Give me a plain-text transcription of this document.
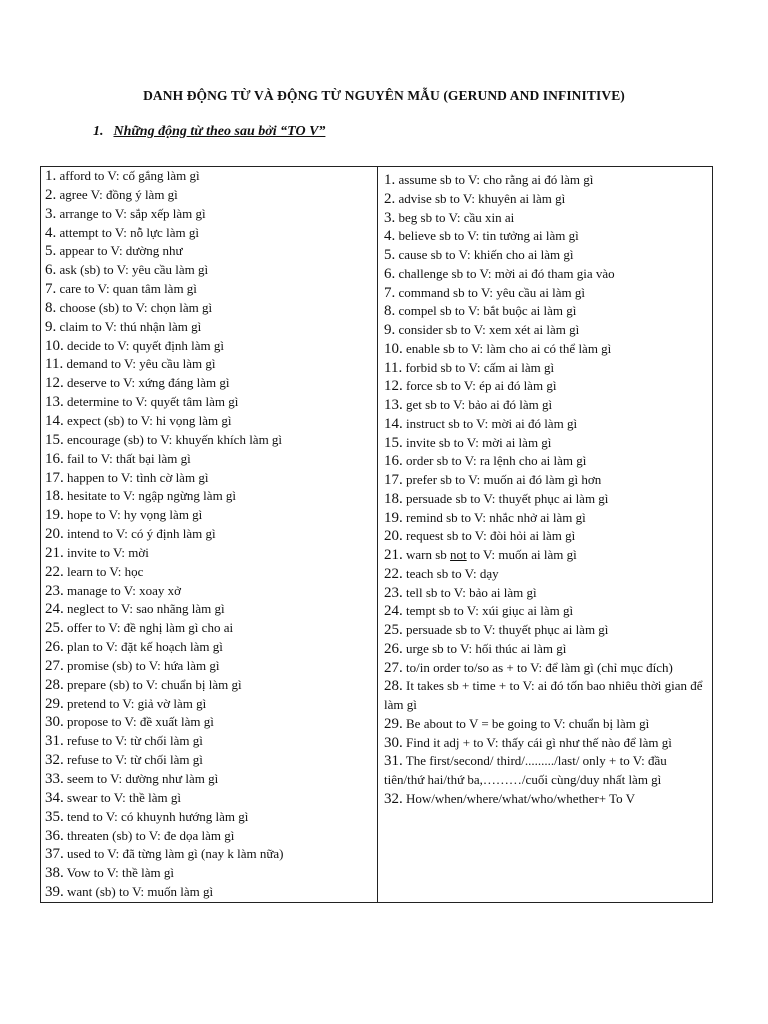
DANH ĐỘNG TỪ VÀ ĐỘNG TỪ NGUYÊN MẪU (GERUND AND INFINITIVE)
1. Những động từ theo sau bởi “TO V”
1. afford to V: cố gắng làm gì
2. agree V: đồng ý làm gì
3. arrange to V: sắp xếp làm gì
4. attempt to V: nỗ lực làm gì
5. appear to V: dường như
6. ask (sb) to V: yêu cầu làm gì
7. care to V: quan tâm làm gì
8. choose (sb) to V: chọn làm gì
9. claim to V: thú nhận làm gì
10. decide to V: quyết định làm gì
11. demand to V: yêu cầu làm gì
12. deserve to V: xứng đáng làm gì
13. determine to V: quyết tâm làm gì
14. expect (sb) to V: hi vọng làm gì
15. encourage (sb) to V: khuyến khích làm gì
16. fail to V: thất bại làm gì
17. happen to V: tình cờ làm gì
18. hesitate to V: ngập ngừng làm gì
19. hope to V: hy vọng làm gì
20. intend to V: có ý định làm gì
21. invite to V: mời
22. learn to V: học
23. manage to V: xoay xở
24. neglect to V: sao nhãng làm gì
25. offer to V: đề nghị làm gì cho ai
26. plan to V: đặt kế hoạch làm gì
27. promise (sb) to V: hứa làm gì
28. prepare (sb) to V: chuẩn bị làm gì
29. pretend to V: giả vờ làm gì
30. propose to V: đề xuất làm gì
31. refuse to V: từ chối làm gì
32. refuse to V: từ chối làm gì
33. seem to V: dường như làm gì
34. swear to V: thề làm gì
35. tend to V: có khuynh hướng làm gì
36. threaten (sb) to V: đe dọa làm gì
37. used to V: đã từng làm gì (nay k làm nữa)
38. Vow to V: thề làm gì
39. want (sb) to V: muốn làm gì
1. assume sb to V: cho rằng ai đó làm gì
2. advise sb to V: khuyên ai làm gì
3. beg sb to V: cầu xin ai
4. believe sb to V: tin tưởng ai làm gì
5. cause sb to V: khiến cho ai làm gì
6. challenge sb to V: mời ai đó tham gia vào
7. command sb to V: yêu cầu ai làm gì
8. compel sb to V: bắt buộc ai làm gì
9. consider sb to V: xem xét ai làm gì
10. enable sb to V: làm cho ai có thể làm gì
11. forbid sb to V: cấm ai làm gì
12. force sb to V: ép ai đó làm gì
13. get sb to V: bảo ai đó làm gì
14. instruct sb to V: mời ai đó làm gì
15. invite sb to V: mời ai làm gì
16. order sb to V: ra lệnh cho ai làm gì
17. prefer sb to V: muốn ai đó làm gì hơn
18. persuade sb to V: thuyết phục ai làm gì
19. remind sb to V: nhắc nhở ai làm gì
20. request sb to V: đòi hỏi ai làm gì
21. warn sb not to V: muốn ai làm gì
22. teach sb to V: dạy
23. tell sb to V: bảo ai làm gì
24. tempt sb to V: xúi giục ai làm gì
25. persuade sb to V: thuyết phục ai làm gì
26. urge sb to V: hối thúc ai làm gì
27. to/in order to/so as + to V: để làm gì (chỉ mục đích)
28. It takes sb + time + to V: ai đó tốn bao nhiêu thời gian để làm gì
29. Be about to V = be going to V: chuẩn bị làm gì
30. Find it adj + to V: thấy cái gì như thế nào để làm gì
31. The first/second/ third/........./last/ only + to V: đầu tiên/thứ hai/thứ ba,………/cuối cùng/duy nhất làm gì
32. How/when/where/what/who/whether+ To V
